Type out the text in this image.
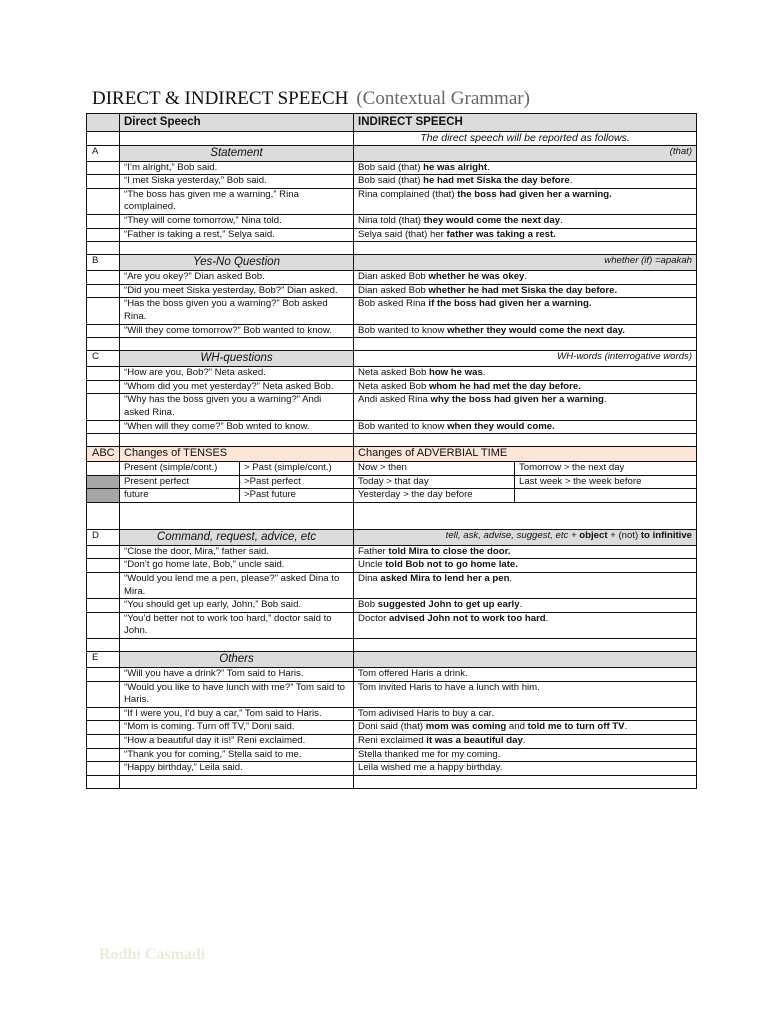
DIRECT & INDIRECT SPEECH (Contextual Grammar)
	Direct Speech		INDIRECT SPEECH	
			The direct speech will be reported as follows.	
A	Statement		(that)	
	“I’m alright,” Bob said.		Bob said (that) he was alright.	
	“I met Siska yesterday,” Bob said.		Bob said (that) he had met Siska the day before.	
	“The boss has given me a warning,” Rina complained.		Rina complained (that) the boss had given her a warning.	
	“They will come tomorrow,” Nina told.		Nina told (that) they would come the next day.	
	“Father is taking a rest,” Selya said.		Selya said (that) her father was taking a rest.	

B	Yes-No Question		whether (if) =apakah	
	“Are you okey?” Dian asked Bob.		Dian asked Bob whether he was okey.	
	“Did you meet Siska yesterday, Bob?” Dian asked.		Dian asked Bob whether he had met Siska the day before.	
	“Has the boss given you a warning?” Bob asked Rina.		Bob asked Rina if the boss had given her a warning.	
	“Will they come tomorrow?” Bob wanted to know.		Bob wanted to know whether they would come the next day.	

C	WH-questions		WH-words (interrogative words)	
	“How are you, Bob?” Neta asked.		Neta asked Bob how he was.	
	“Whom did you met yesterday?” Neta asked Bob.		Neta asked Bob whom he had met the day before.	
	“Why has the boss given you a warning?” Andi asked Rina.		Andi asked Rina why the boss had given her a warning.	
	“When will they come?” Bob wnted to know.		Bob wanted to know when they would come.	

ABC	Changes of TENSES		Changes of ADVERBIAL TIME	
	Present (simple/cont.)	> Past (simple/cont.)	Now > then	Tomorrow > the next day
	Present perfect	>Past perfect	Today > that day	Last week > the week before
	future	>Past future	Yesterday > the day before	

D	Command, request, advice, etc		tell, ask, advise, suggest, etc + object + (not) to infinitive	
	“Close the door, Mira,” father said.		Father told Mira to close the door.	
	“Don’t go home late, Bob,” uncle said.		Uncle told Bob not to go home late.	
	“Would you lend me a pen, please?” asked Dina to Mira.		Dina asked Mira to lend her a pen.	
	“You should get up early, John,” Bob said.		Bob suggested John to get up early.	
	“You’d better not to work too hard,” doctor said to John.		Doctor advised John not to work too hard.	

E	Others			
	“Will you have a drink?” Tom said to Haris.		Tom offered Haris a drink.	
	“Would you like to have lunch with me?” Tom said to Haris.		Tom invited Haris to have a lunch with him.	
	“If I were you, I’d buy a car,” Tom said to Haris.		Tom adivised Haris to buy a car.	
	“Mom is coming. Turn off TV,” Doni said.		Doni said (that) mom was coming and told me to turn off TV.	
	“How a beautiful day it is!” Reni exclaimed.		Reni exclaimed it was a beautiful day.	
	“Thank you for coming,” Stella said to me.		Stella thanked me for my coming.	
	“Happy birthday,” Leila said.		Leila wished me a happy birthday.	

Rodhi Casmadi
